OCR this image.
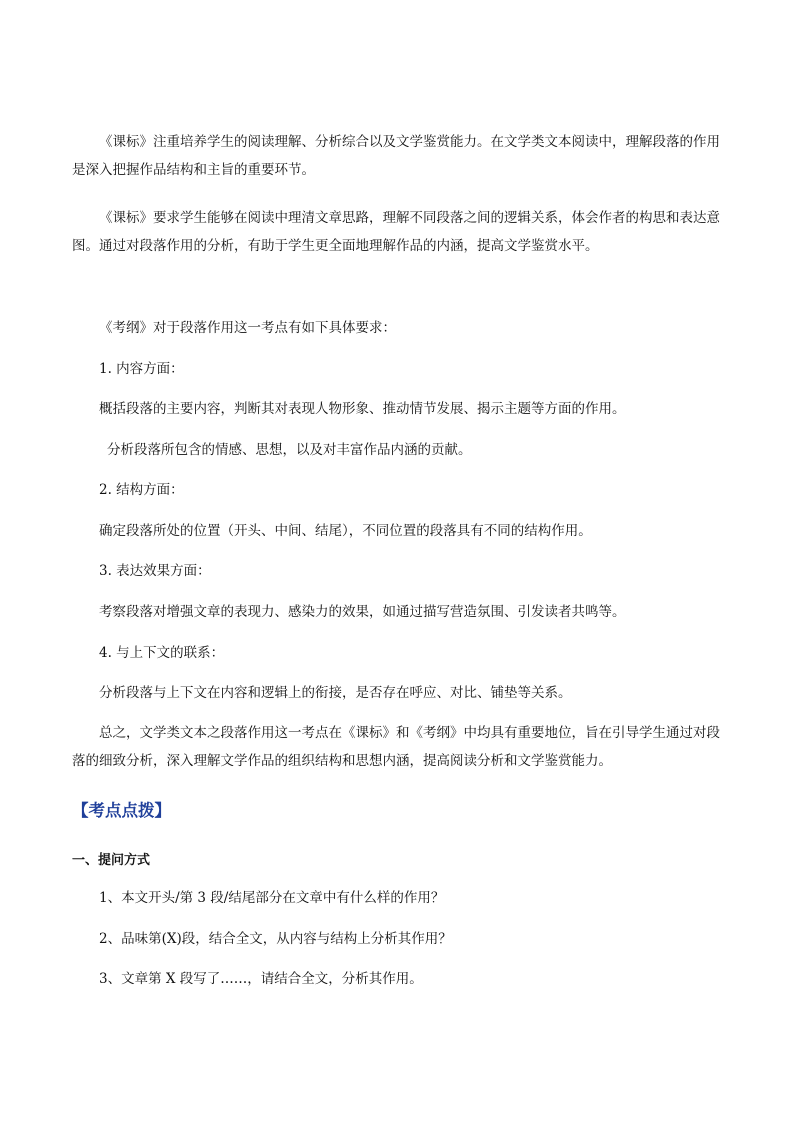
《课标》注重培养学生的阅读理解、分析综合以及文学鉴赏能力。在文学类文本阅读中，理解段落的作用是深入把握作品结构和主旨的重要环节。

《课标》要求学生能够在阅读中理清文章思路，理解不同段落之间的逻辑关系，体会作者的构思和表达意图。通过对段落作用的分析，有助于学生更全面地理解作品的内涵，提高文学鉴赏水平。

《考纲》对于段落作用这一考点有如下具体要求：
1. 内容方面：
概括段落的主要内容，判断其对表现人物形象、推动情节发展、揭示主题等方面的作用。
分析段落所包含的情感、思想，以及对丰富作品内涵的贡献。
2. 结构方面：
确定段落所处的位置（开头、中间、结尾），不同位置的段落具有不同的结构作用。
3. 表达效果方面：
考察段落对增强文章的表现力、感染力的效果，如通过描写营造氛围、引发读者共鸣等。
4. 与上下文的联系：
分析段落与上下文在内容和逻辑上的衔接，是否存在呼应、对比、铺垫等关系。

总之，文学类文本之段落作用这一考点在《课标》和《考纲》中均具有重要地位，旨在引导学生通过对段落的细致分析，深入理解文学作品的组织结构和思想内涵，提高阅读分析和文学鉴赏能力。

【考点点拨】
一、提问方式
1、本文开头/第 3 段/结尾部分在文章中有什么样的作用？
2、品味第(X)段，结合全文，从内容与结构上分析其作用？
3、文章第 X 段写了……，请结合全文，分析其作用。
